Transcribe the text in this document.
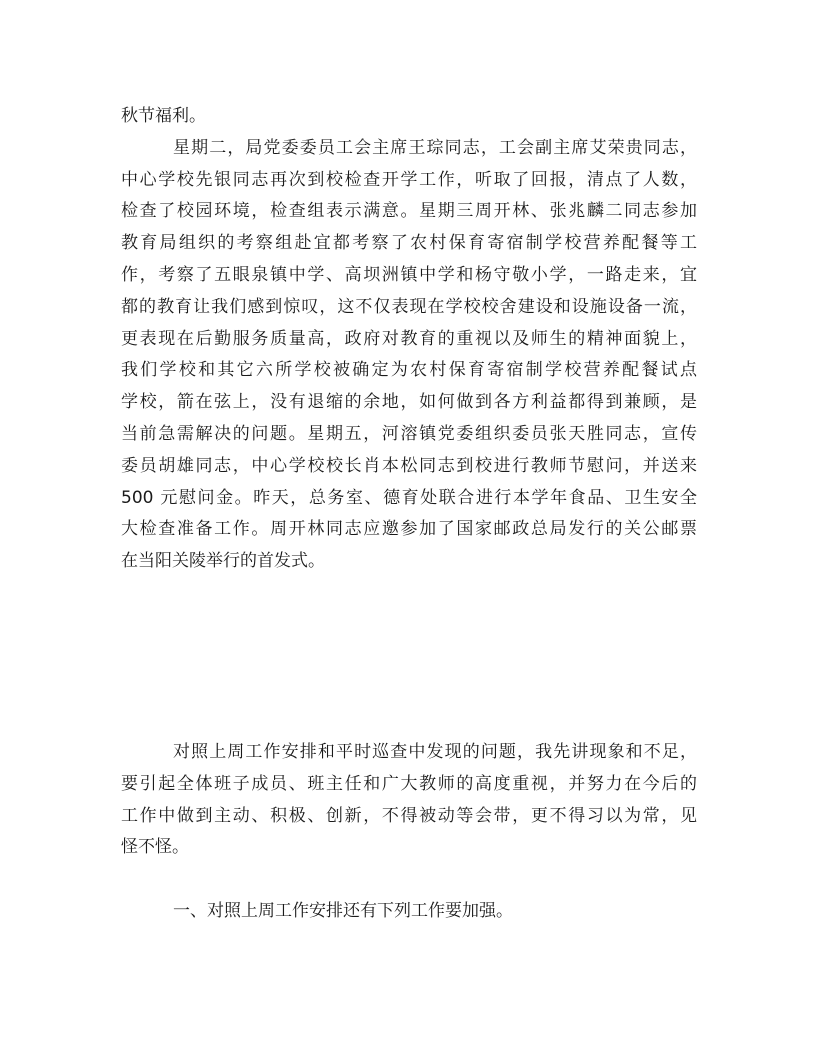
秋节福利。
星期二，局党委委员工会主席王琮同志，工会副主席艾荣贵同志，
中心学校先银同志再次到校检查开学工作，听取了回报，清点了人数，
检查了校园环境，检查组表示满意。星期三周开林、张兆麟二同志参加
教育局组织的考察组赴宜都考察了农村保育寄宿制学校营养配餐等工
作，考察了五眼泉镇中学、高坝洲镇中学和杨守敬小学，一路走来，宜
都的教育让我们感到惊叹，这不仅表现在学校校舍建设和设施设备一流，
更表现在后勤服务质量高，政府对教育的重视以及师生的精神面貌上，
我们学校和其它六所学校被确定为农村保育寄宿制学校营养配餐试点
学校，箭在弦上，没有退缩的余地，如何做到各方利益都得到兼顾，是
当前急需解决的问题。星期五，河溶镇党委组织委员张天胜同志，宣传
委员胡雄同志，中心学校校长肖本松同志到校进行教师节慰问，并送来
500 元慰问金。昨天，总务室、德育处联合进行本学年食品、卫生安全
大检查准备工作。周开林同志应邀参加了国家邮政总局发行的关公邮票
在当阳关陵举行的首发式。
对照上周工作安排和平时巡查中发现的问题，我先讲现象和不足，
要引起全体班子成员、班主任和广大教师的高度重视，并努力在今后的
工作中做到主动、积极、创新，不得被动等会带，更不得习以为常，见
怪不怪。
一、对照上周工作安排还有下列工作要加强。
